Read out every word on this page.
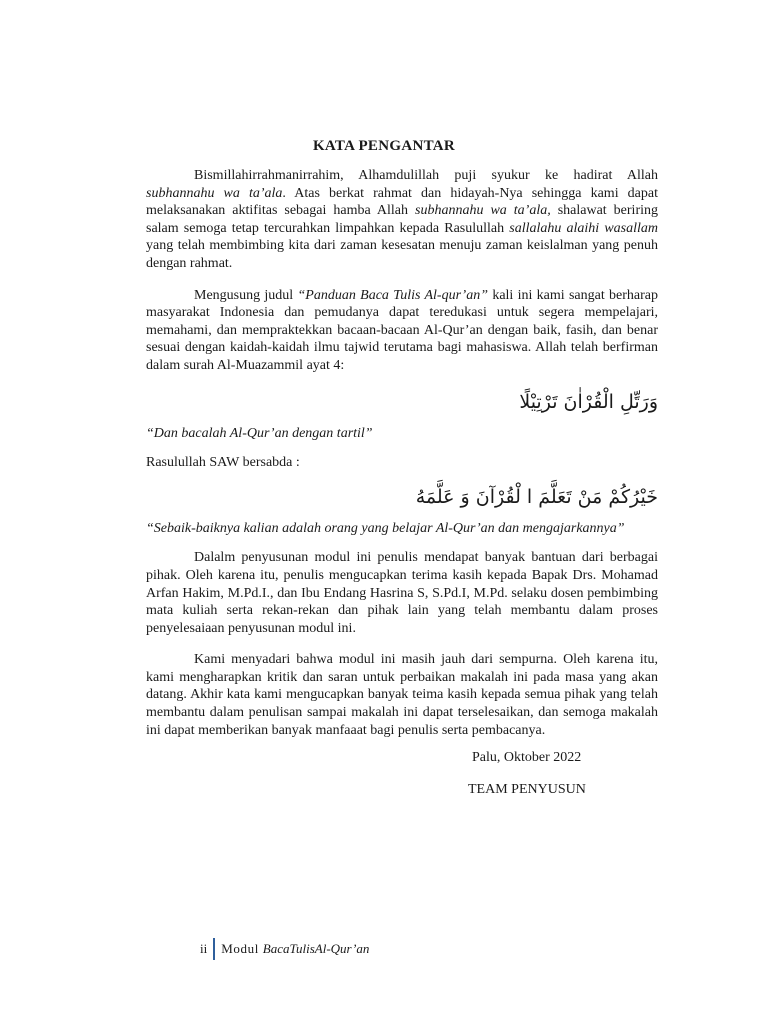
KATA PENGANTAR

Bismillahirrahmanirrahim, Alhamdulillah puji syukur ke hadirat Allah subhannahu wa ta’ala. Atas berkat rahmat dan hidayah-Nya sehingga kami dapat melaksanakan aktifitas sebagai hamba Allah subhannahu wa ta’ala, shalawat beriring salam semoga tetap tercurahkan limpahkan kepada Rasulullah sallalahu alaihi wasallam yang telah membimbing kita dari zaman kesesatan menuju zaman keislalman yang penuh dengan rahmat.

Mengusung judul “Panduan Baca Tulis Al-qur’an” kali ini kami sangat berharap masyarakat Indonesia dan pemudanya dapat teredukasi untuk segera mempelajari, memahami, dan mempraktekkan bacaan-bacaan Al-Qur’an dengan baik, fasih, dan benar sesuai dengan kaidah-kaidah ilmu tajwid terutama bagi mahasiswa. Allah telah berfirman dalam surah Al-Muazammil ayat 4:

وَرَتِّلِ الْقُرْاٰنَ تَرْتِيْلًا
“Dan bacalah Al-Qur’an dengan tartil”
Rasulullah SAW bersabda :
خَيْرُكُمْ مَنْ تَعَلَّمَ ا لْقُرْآنَ وَ عَلَّمَهُ
“Sebaik-baiknya kalian adalah orang yang belajar Al-Qur’an dan mengajarkannya”

Dalalm penyusunan modul ini penulis mendapat banyak bantuan dari berbagai pihak. Oleh karena itu, penulis mengucapkan terima kasih kepada Bapak Drs. Mohamad Arfan Hakim, M.Pd.I., dan Ibu Endang Hasrina S, S.Pd.I, M.Pd. selaku dosen pembimbing mata kuliah serta rekan-rekan dan pihak lain yang telah membantu dalam proses penyelesaiaan penyusunan modul ini.

Kami menyadari bahwa modul ini masih jauh dari sempurna. Oleh karena itu, kami mengharapkan kritik dan saran untuk perbaikan makalah ini pada masa yang akan datang. Akhir kata kami mengucapkan banyak teima kasih kepada semua pihak yang telah membantu dalam penulisan sampai makalah ini dapat terselesaikan, dan semoga makalah ini dapat memberikan banyak manfaaat bagi penulis serta pembacanya.

Palu, Oktober 2022
TEAM PENYUSUN
ii	Modul BacaTulisAl-Qur’an
